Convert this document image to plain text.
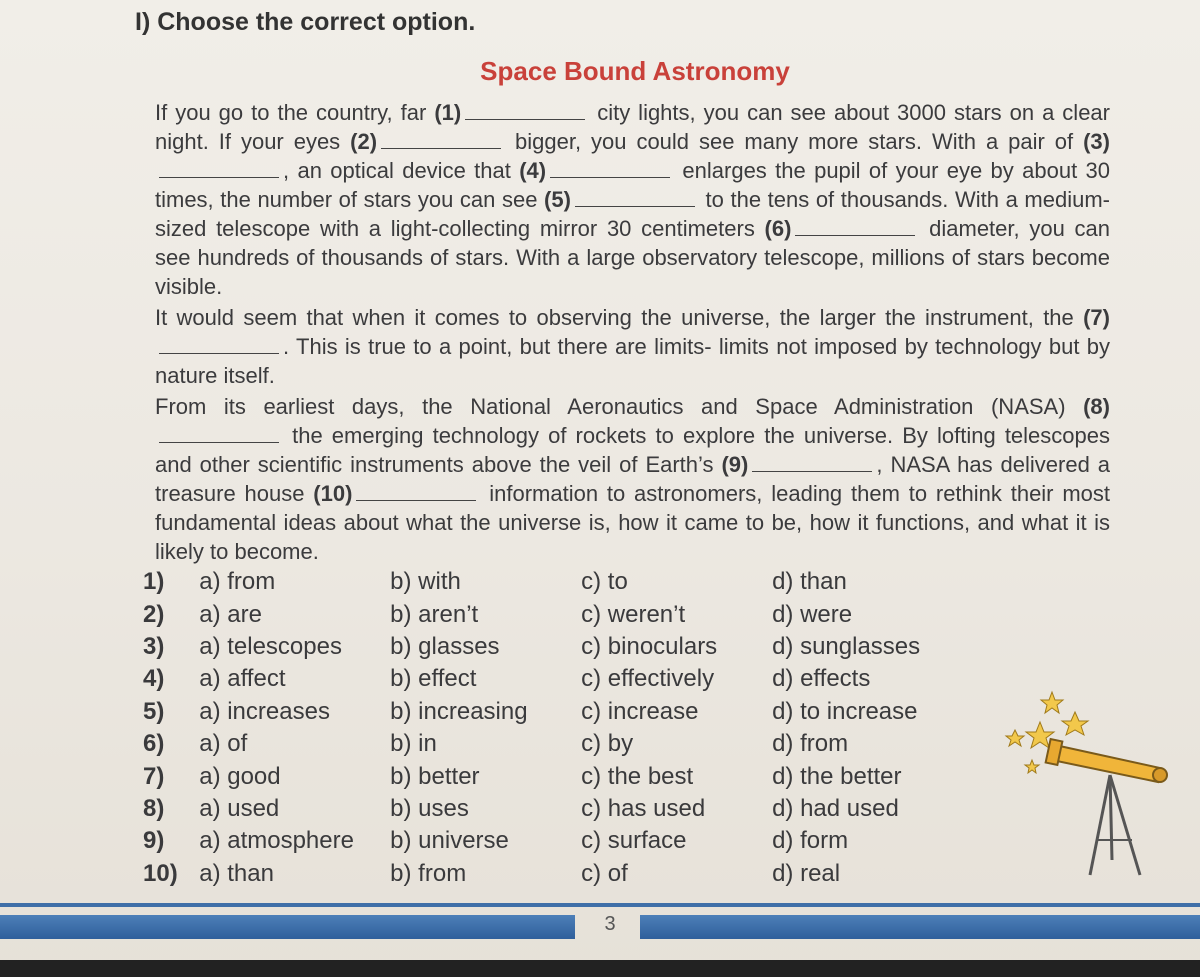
I) Choose the correct option.
Space Bound Astronomy

If you go to the country, far (1)	city lights, you can see about 3000 stars on a clear night. If your eyes (2)	bigger, you could see many more stars. With a pair of (3), an optical device that (4)	enlarges the pupil of your eye by about 30 times, the number of stars you can see (5)	to the tens of thousands. With a medium-sized telescope with a light-collecting mirror 30 centimeters (6)	diameter, you can see hundreds of thousands of stars. With a large observatory telescope, millions of stars become visible.

It would seem that when it comes to observing the universe, the larger the instrument, the (7). This is true to a point, but there are limits- limits not imposed by technology but by nature itself.

From its earliest days, the National Aeronautics and Space Administration (NASA) (8) the emerging technology of rockets to explore the universe. By lofting telescopes and other scientific instruments above the veil of Earth’s (9)	, NASA has delivered a treasure house (10)	information to astronomers, leading them to rethink their most fundamental ideas about what the universe is, how it came to be, how it functions, and what it is likely to become.

1)	a) from	b) with	c) to	d) than
2)	a) are	b) aren’t	c) weren’t	d) were
3)	a) telescopes	b) glasses	c) binoculars	d) sunglasses
4)	a) affect	b) effect	c) effectively	d) effects
5)	a) increases	b) increasing	c) increase	d) to increase
6)	a) of	b) in	c) by	d) from
7)	a) good	b) better	c) the best	d) the better
8)	a) used	b) uses	c) has used	d) had used
9)	a) atmosphere	b) universe	c) surface	d) form
10) a) than	b) from	c) of	d) real
3
